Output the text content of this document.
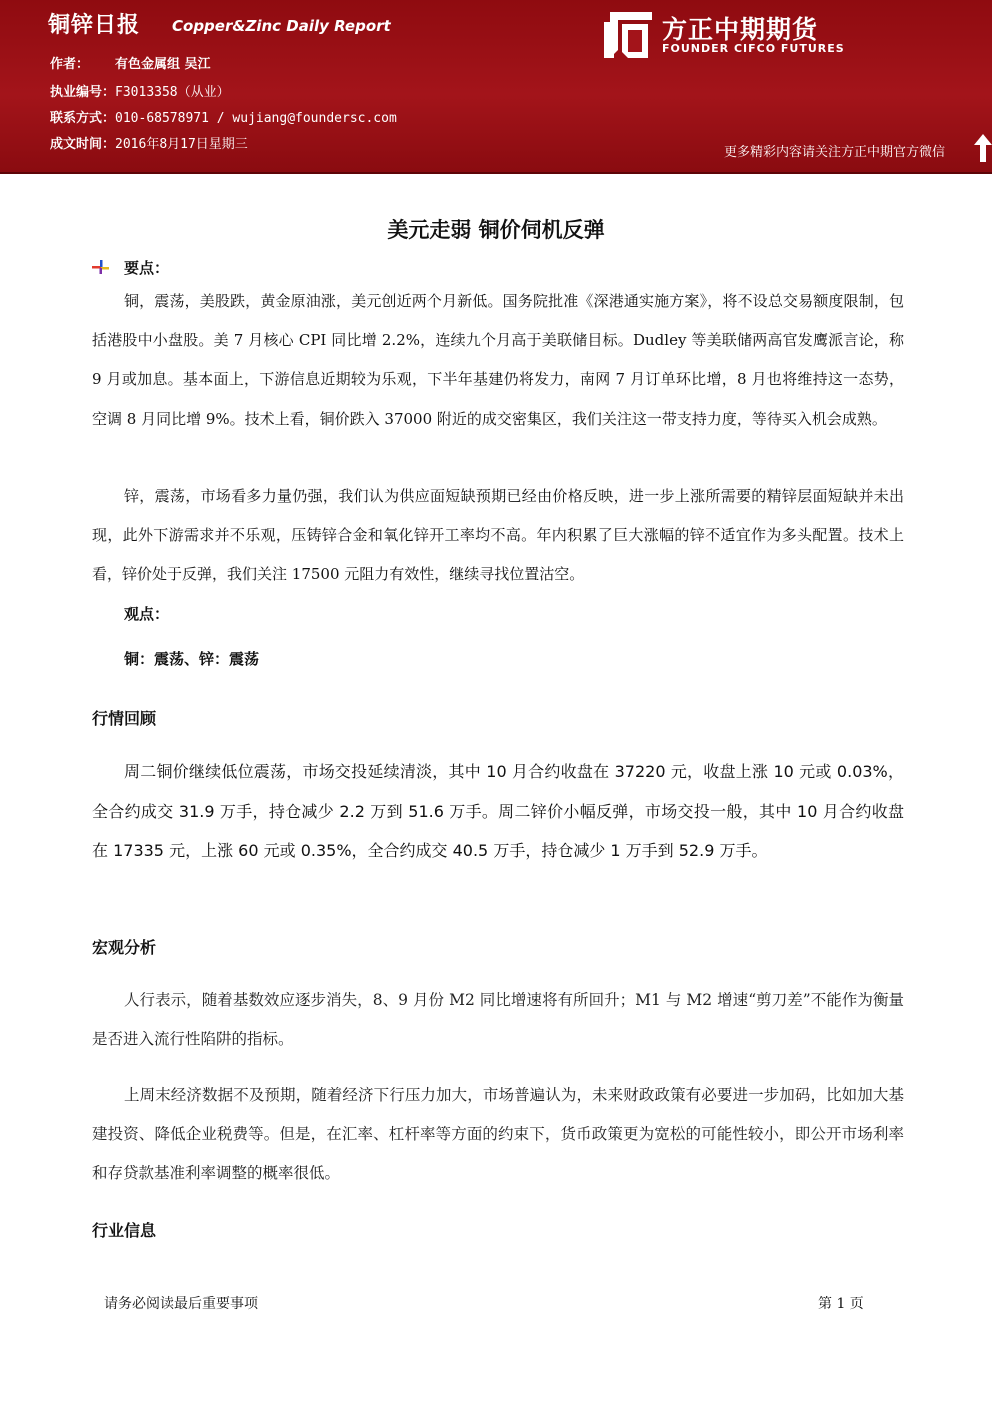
铜锌日报 Copper&Zinc Daily Report
作者： 有色金属组 吴江
执业编号：F3013358（从业）
联系方式：010-68578971 / wujiang@foundersc.com
成文时间：2016年8月17日星期三
方正中期期货
FOUNDER CIFCO FUTURES
更多精彩内容请关注方正中期官方微信
美元走弱 铜价伺机反弹
要点：

铜，震荡，美股跌，黄金原油涨，美元创近两个月新低。国务院批准《深港通实施方案》，将不设总交易额度限制，包括港股中小盘股。美 7 月核心 CPI 同比增 2.2%，连续九个月高于美联储目标。Dudley 等美联储两高官发鹰派言论，称 9 月或加息。基本面上，下游信息近期较为乐观，下半年基建仍将发力，南网 7 月订单环比增，8 月也将维持这一态势，空调 8 月同比增 9%。技术上看，铜价跌入 37000 附近的成交密集区，我们关注这一带支持力度，等待买入机会成熟。

锌，震荡，市场看多力量仍强，我们认为供应面短缺预期已经由价格反映，进一步上涨所需要的精锌层面短缺并未出现，此外下游需求并不乐观，压铸锌合金和氧化锌开工率均不高。年内积累了巨大涨幅的锌不适宜作为多头配置。技术上看，锌价处于反弹，我们关注 17500 元阻力有效性，继续寻找位置沽空。

观点：
铜：震荡、锌：震荡
行情回顾

周二铜价继续低位震荡，市场交投延续清淡，其中 10 月合约收盘在 37220 元，收盘上涨 10 元或 0.03%，全合约成交 31.9 万手，持仓减少 2.2 万到 51.6 万手。周二锌价小幅反弹，市场交投一般，其中 10 月合约收盘在 17335 元，上涨 60 元或 0.35%，全合约成交 40.5 万手，持仓减少 1 万手到 52.9 万手。

宏观分析

人行表示，随着基数效应逐步消失，8、9 月份 M2 同比增速将有所回升；M1 与 M2 增速“剪刀差”不能作为衡量是否进入流行性陷阱的指标。

上周末经济数据不及预期，随着经济下行压力加大，市场普遍认为，未来财政政策有必要进一步加码，比如加大基建投资、降低企业税费等。但是，在汇率、杠杆率等方面的约束下，货币政策更为宽松的可能性较小，即公开市场利率和存贷款基准利率调整的概率很低。

行业信息
请务必阅读最后重要事项	第 1 页
